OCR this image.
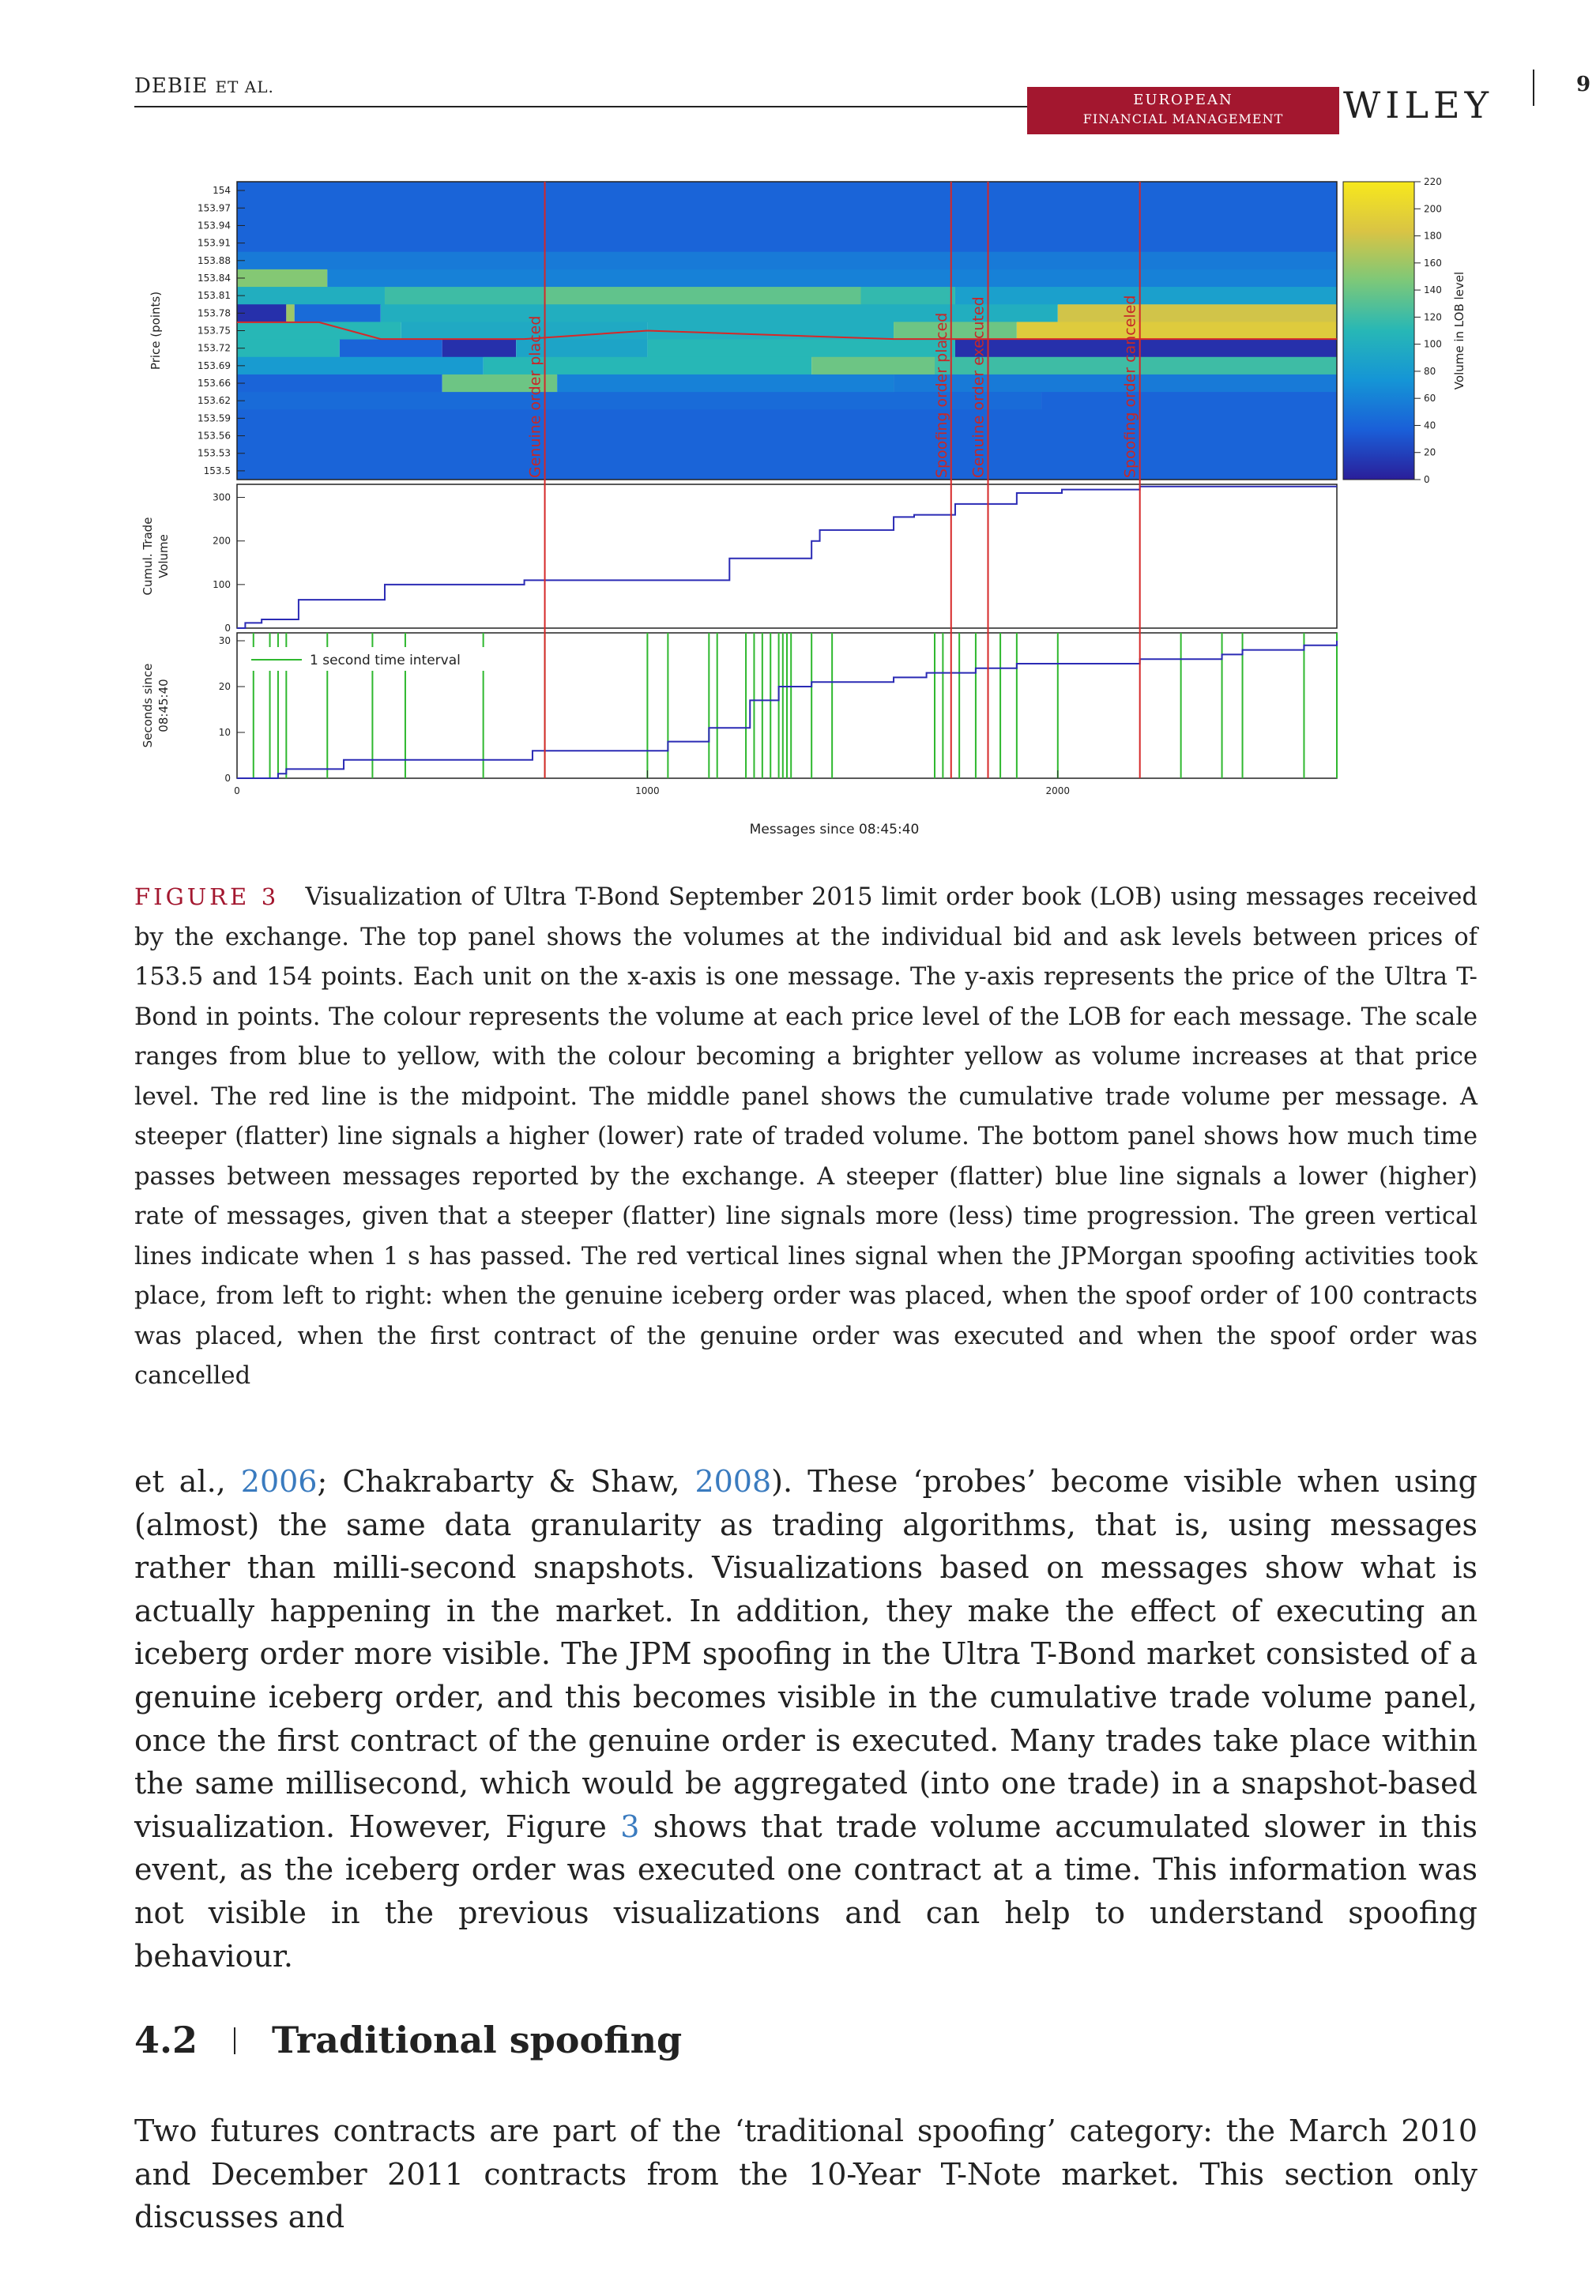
DEBIE ET AL.
EUROPEAN
FINANCIAL MANAGEMENT	WILEY	9
154
153.97
153.94
153.91
153.88
153.84
153.81
153.78
153.75
153.72
153.69
153.66
153.62
153.59
153.56
153.53
153.5
Price (points)
220
200
180
160
140
120
100
80
60
40
20
0
Volume in LOB level
0
100
200
300
Cumul. Trade Volume
0
10
20
30
Seconds since 08:45:40
0	1000	2000
Messages since 08:45:40
1 second time interval
Genuine order placed	Spoofing order placed Genuine order executed	Spoofing order canceled
FIGURE 3 Visualization of Ultra T-Bond September 2015 limit order book (LOB) using messages received by the exchange. The top panel shows the volumes at the individual bid and ask levels between prices of 153.5 and 154 points. Each unit on the x-axis is one message. The y-axis represents the price of the Ultra T-Bond in points. The colour represents the volume at each price level of the LOB for each message. The scale ranges from blue to yellow, with the colour becoming a brighter yellow as volume increases at that price level. The red line is the midpoint. The middle panel shows the cumulative trade volume per message. A steeper (flatter) line signals a higher (lower) rate of traded volume. The bottom panel shows how much time passes between messages reported by the exchange. A steeper (flatter) blue line signals a lower (higher) rate of messages, given that a steeper (flatter) line signals more (less) time progression. The green vertical lines indicate when 1 s has passed. The red vertical lines signal when the JPMorgan spoofing activities took place, from left to right: when the genuine iceberg order was placed, when the spoof order of 100 contracts was placed, when the first contract of the genuine order was executed and when the spoof order was cancelled
et al., 2006; Chakrabarty & Shaw, 2008). These ‘probes’ become visible when using (almost) the same data granularity as trading algorithms, that is, using messages rather than milli-second snapshots. Visualizations based on messages show what is actually happening in the market. In addition, they make the effect of executing an iceberg order more visible. The JPM spoofing in the Ultra T-Bond market consisted of a genuine iceberg order, and this becomes visible in the cumulative trade volume panel, once the first contract of the genuine order is executed. Many trades take place within the same millisecond, which would be aggregated (into one trade) in a snapshot-based visualization. However, Figure 3 shows that trade volume accumulated slower in this event, as the iceberg order was executed one contract at a time. This information was not visible in the previous visualizations and can help to understand spoofing behaviour.
4.2 Traditional spoofing
Two futures contracts are part of the ‘traditional spoofing’ category: the March 2010 and December 2011 contracts from the 10-Year T-Note market. This section only discusses and
